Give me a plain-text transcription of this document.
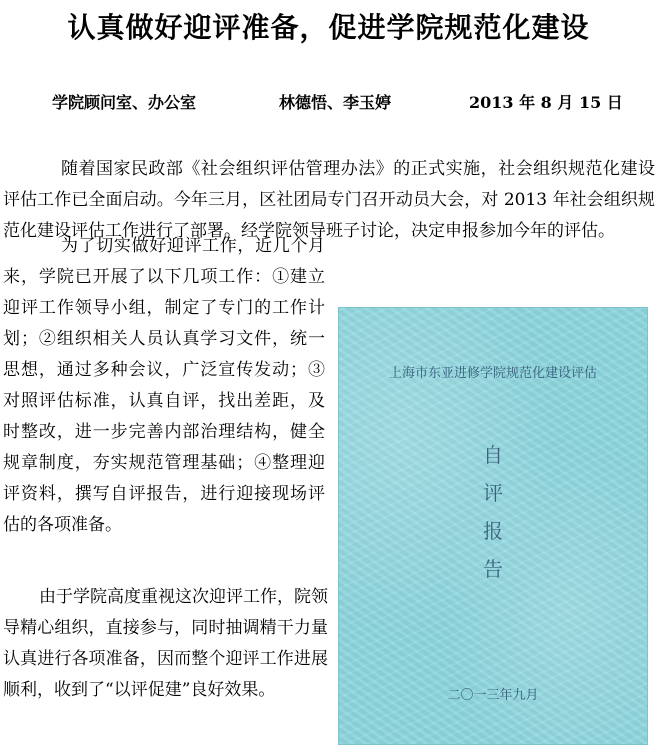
认真做好迎评准备，促进学院规范化建设
学院顾问室、办公室	林德悟、李玉婷	2013 年 8 月 15 日

随着国家民政部《社会组织评估管理办法》的正式实施，社会组织规范化建设评估工作已全面启动。今年三月，区社团局专门召开动员大会，对 2013 年社会组织规范化建设评估工作进行了部署。经学院领导班子讨论，决定申报参加今年的评估。

为了切实做好迎评工作，近几个月来，学院已开展了以下几项工作：①建立迎评工作领导小组，制定了专门的工作计划；②组织相关人员认真学习文件，统一思想，通过多种会议，广泛宣传发动；③对照评估标准，认真自评，找出差距，及时整改，进一步完善内部治理结构，健全规章制度，夯实规范管理基础；④整理迎评资料，撰写自评报告，进行迎接现场评估的各项准备。

由于学院高度重视这次迎评工作，院领导精心组织，直接参与，同时抽调精干力量认真进行各项准备，因而整个迎评工作进展顺利，收到了“以评促建”良好效果。

上海市东亚进修学院规范化建设评估
自
评
报
告
二〇一三年九月
